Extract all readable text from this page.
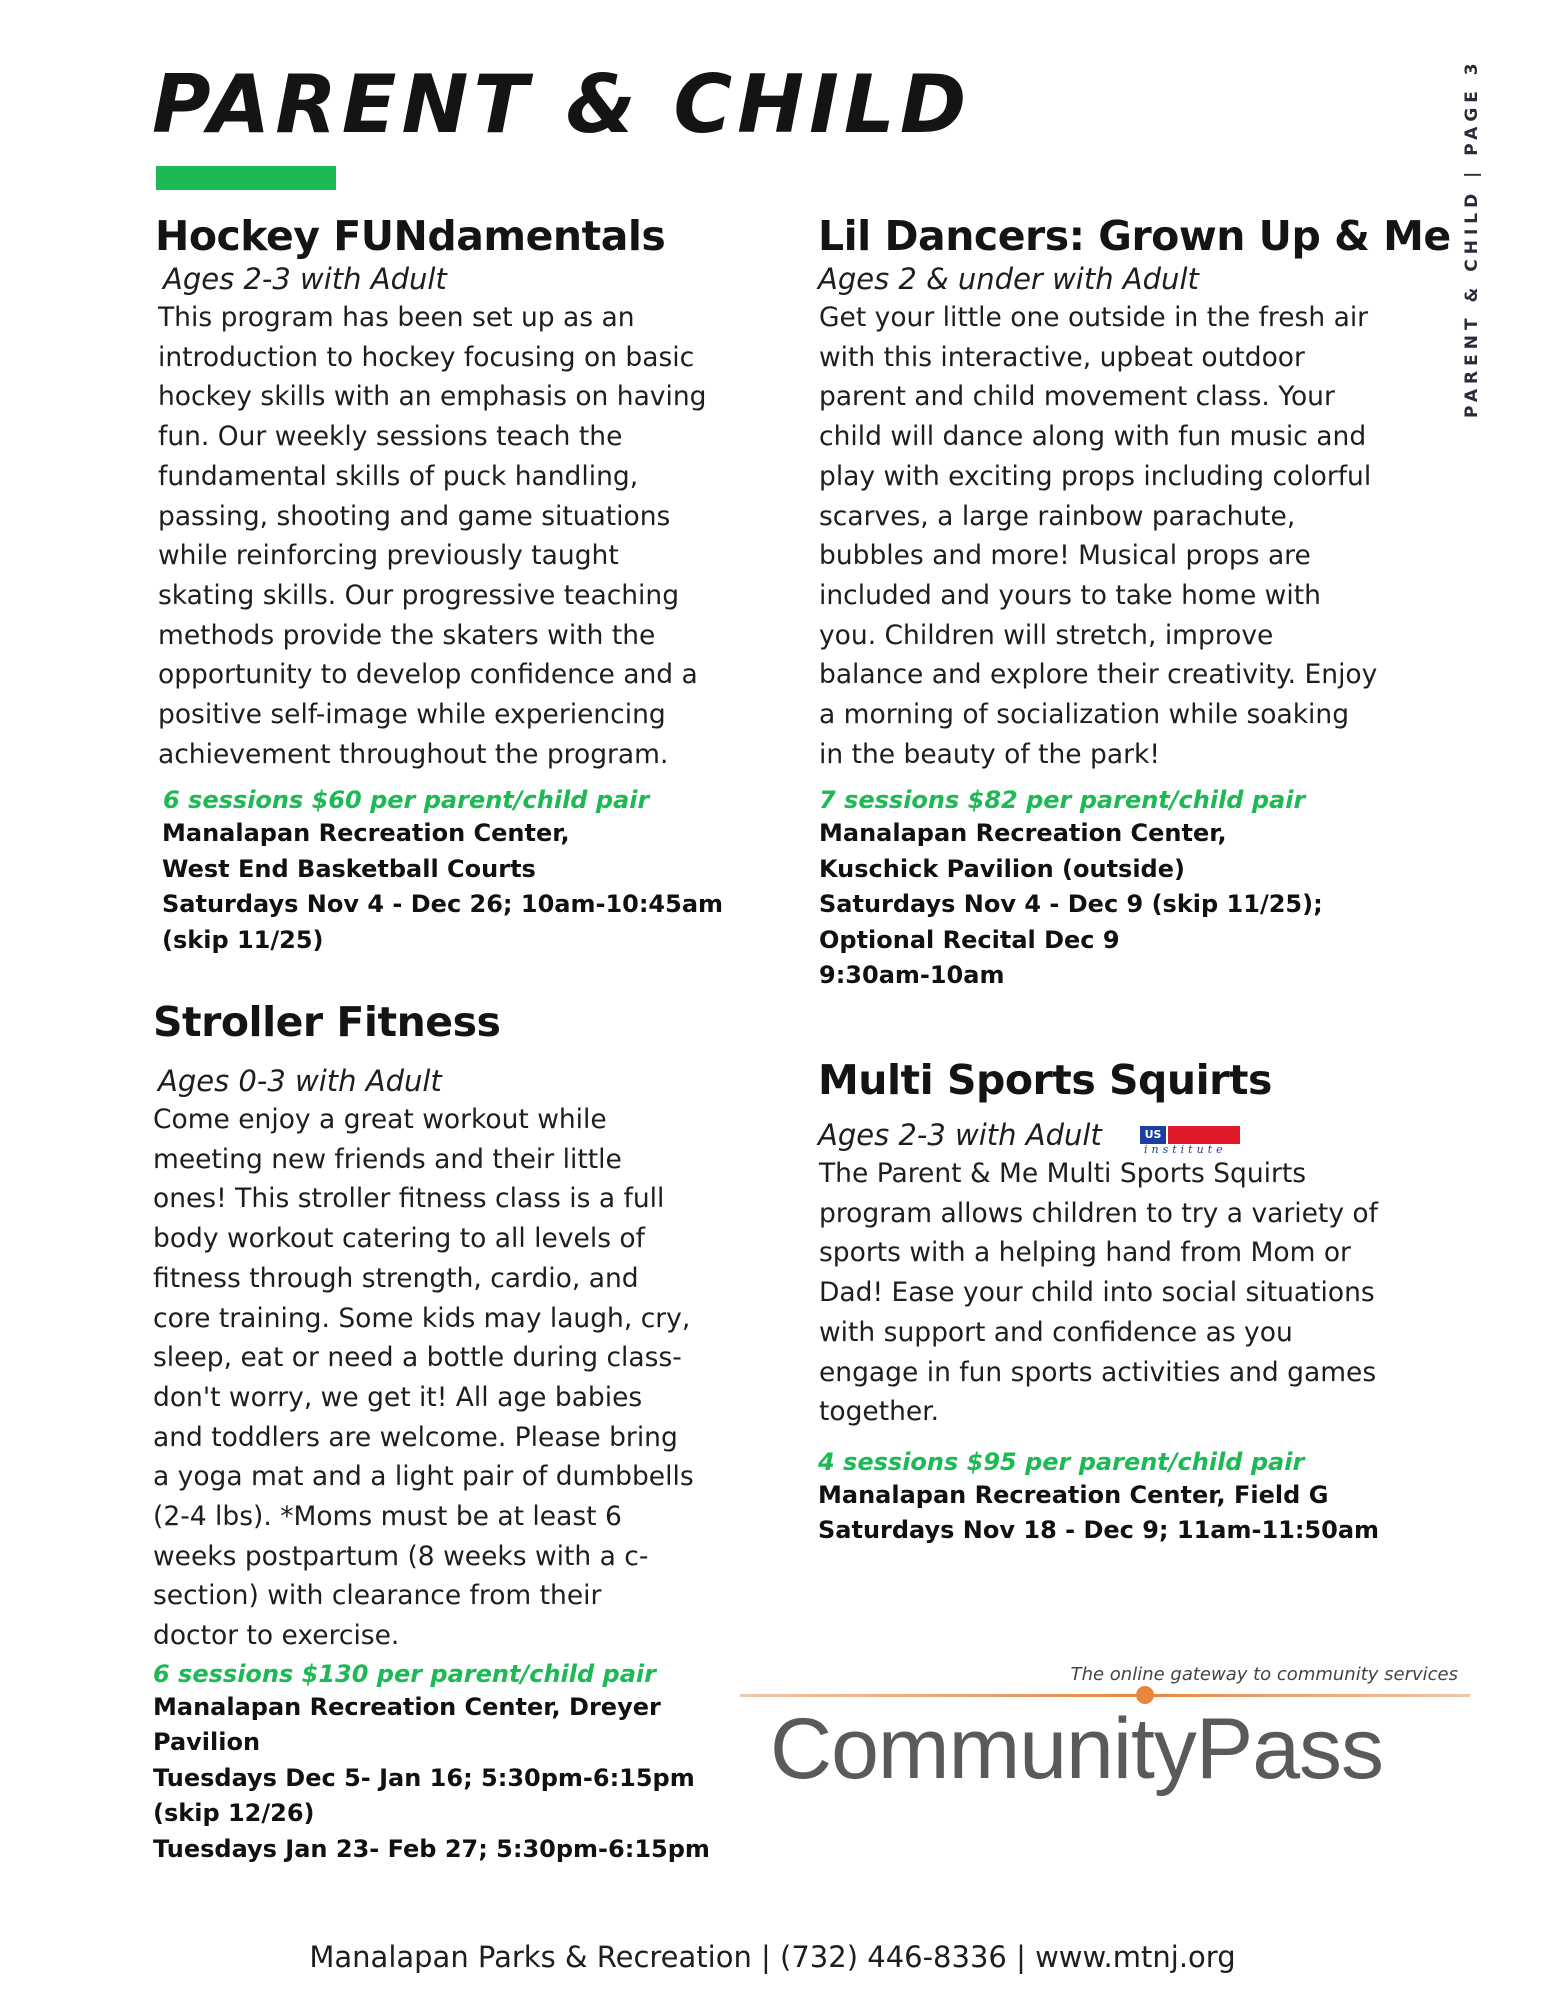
PARENT & CHILD	PARENT & CHILD | PAGE 3
Hockey FUNdamentals
Ages 2-3 with Adult

This program has been set up as an
introduction to hockey focusing on basic
hockey skills with an emphasis on having
fun. Our weekly sessions teach the
fundamental skills of puck handling,
passing, shooting and game situations
while reinforcing previously taught
skating skills. Our progressive teaching
methods provide the skaters with the
opportunity to develop confidence and a
positive self-image while experiencing
achievement throughout the program.

6 sessions $60 per parent/child pair

Manalapan Recreation Center,
West End Basketball Courts
Saturdays Nov 4 - Dec 26; 10am-10:45am
(skip 11/25)

Lil Dancers: Grown Up & Me
Ages 2 & under with Adult

Get your little one outside in the fresh air
with this interactive, upbeat outdoor
parent and child movement class. Your
child will dance along with fun music and
play with exciting props including colorful
scarves, a large rainbow parachute,
bubbles and more! Musical props are
included and yours to take home with
you. Children will stretch, improve
balance and explore their creativity. Enjoy
a morning of socialization while soaking
in the beauty of the park!

7 sessions $82 per parent/child pair

Manalapan Recreation Center,
Kuschick Pavilion (outside)
Saturdays Nov 4 - Dec 9 (skip 11/25);
Optional Recital Dec 9
9:30am-10am

Stroller Fitness
Ages 0-3 with Adult

Come enjoy a great workout while
meeting new friends and their little
ones! This stroller fitness class is a full
body workout catering to all levels of
fitness through strength, cardio, and
core training. Some kids may laugh, cry,
sleep, eat or need a bottle during class-
don't worry, we get it! All age babies
and toddlers are welcome. Please bring
a yoga mat and a light pair of dumbbells
(2-4 lbs). *Moms must be at least 6
weeks postpartum (8 weeks with a c-
section) with clearance from their
doctor to exercise.

6 sessions $130 per parent/child pair

Manalapan Recreation Center, Dreyer
Pavilion
Tuesdays Dec 5- Jan 16; 5:30pm-6:15pm
(skip 12/26)
Tuesdays Jan 23- Feb 27; 5:30pm-6:15pm

Multi Sports Squirts
Ages 2-3 with Adult

The Parent & Me Multi Sports Squirts
program allows children to try a variety of
sports with a helping hand from Mom or
Dad! Ease your child into social situations
with support and confidence as you
engage in fun sports activities and games
together.

4 sessions $95 per parent/child pair

Manalapan Recreation Center, Field G
Saturdays Nov 18 - Dec 9; 11am-11:50am

US
institute
The online gateway to community services
CommunityPass
Manalapan Parks & Recreation | (732) 446-8336 | www.mtnj.org
